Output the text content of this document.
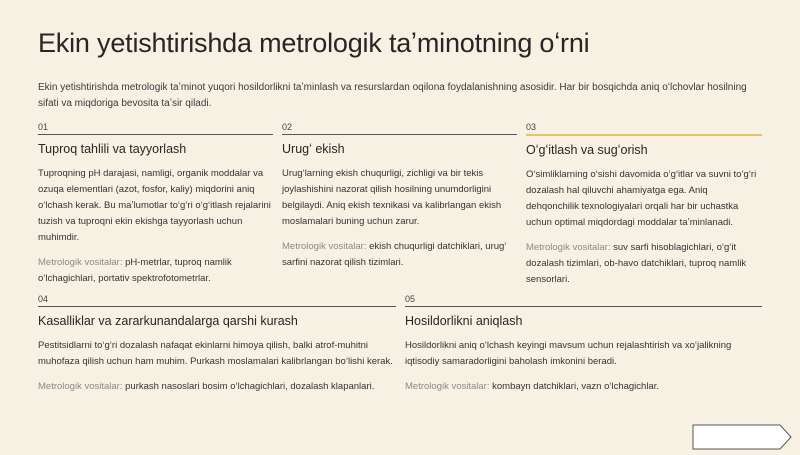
Ekin yetishtirishda metrologik taʼminotning oʻrni
Ekin yetishtirishda metrologik taʼminot yuqori hosildorlikni taʼminlash va resurslardan oqilona foydalanishning asosidir. Har bir bosqichda aniq oʻlchovlar hosilning sifati va miqdoriga bevosita taʼsir qiladi.
01
Tuproq tahlili va tayyorlash
Tuproqning pH darajasi, namligi, organik moddalar va ozuqa elementlari (azot, fosfor, kaliy) miqdorini aniq oʻlchash kerak. Bu maʼlumotlar toʻgʻri oʻgʻitlash rejalarini tuzish va tuproqni ekin ekishga tayyorlash uchun muhimdir.
Metrologik vositalar: pH-metrlar, tuproq namlik oʻlchagichlari, portativ spektrofotometrlar.
02
Urugʻ ekish
Urugʻlarning ekish chuqurligi, zichligi va bir tekis joylashishini nazorat qilish hosilning unumdorligini belgilaydi. Aniq ekish texnikasi va kalibrlangan ekish moslamalari buning uchun zarur.
Metrologik vositalar: ekish chuqurligi datchiklari, urugʻ sarfini nazorat qilish tizimlari.
03
Oʻgʻitlash va sugʻorish
Oʻsimliklarning oʻsishi davomida oʻgʻitlar va suvni toʻgʻri dozalash hal qiluvchi ahamiyatga ega. Aniq dehqonchilik texnologiyalari orqali har bir uchastka uchun optimal miqdordagi moddalar taʼminlanadi.
Metrologik vositalar: suv sarfi hisoblagichlari, oʻgʻit dozalash tizimlari, ob-havo datchiklari, tuproq namlik sensorlari.
04
Kasalliklar va zararkunandalarga qarshi kurash
Pestitsidlarni toʻgʻri dozalash nafaqat ekinlarni himoya qilish, balki atrof-muhitni muhofaza qilish uchun ham muhim. Purkash moslamalari kalibrlangan boʻlishi kerak.
Metrologik vositalar: purkash nasoslari bosim oʻlchagichlari, dozalash klapanlari.
05
Hosildorlikni aniqlash
Hosildorlikni aniq oʻlchash keyingi mavsum uchun rejalashtirish va xoʻjalikning iqtisodiy samaradorligini baholash imkonini beradi.
Metrologik vositalar: kombayn datchiklari, vazn oʻlchagichlar.
